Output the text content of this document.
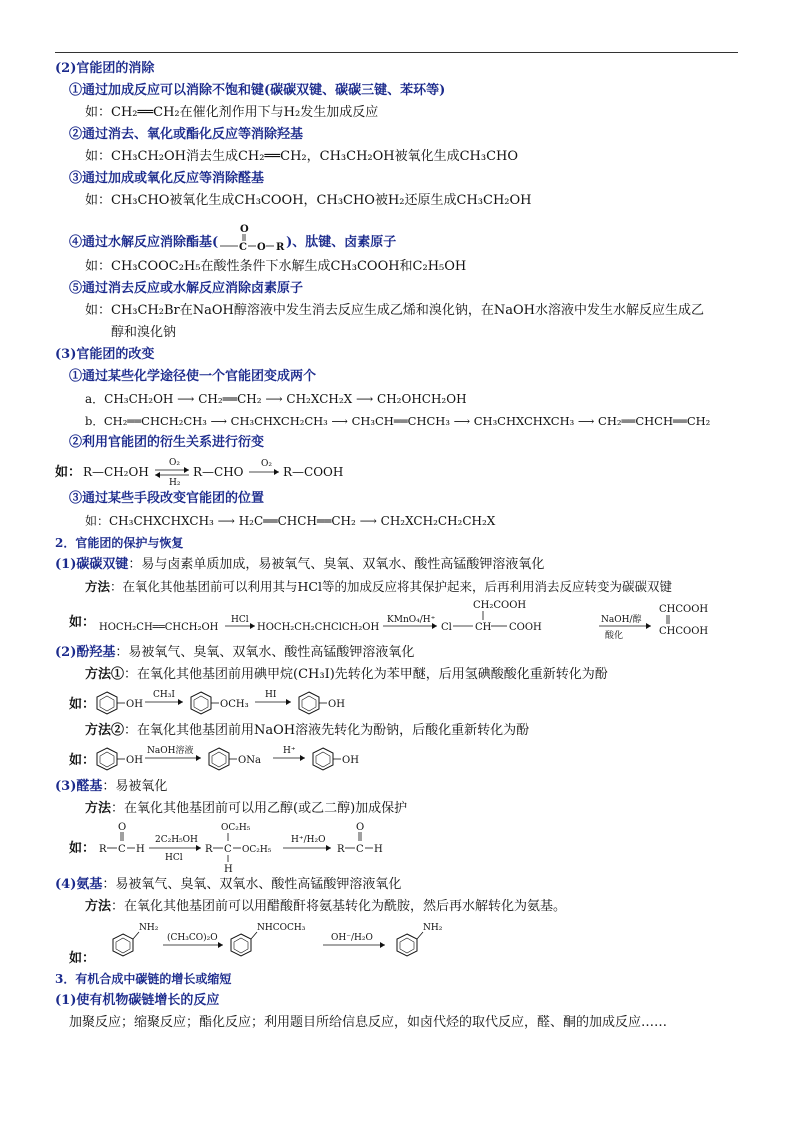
(2)官能团的消除
①通过加成反应可以消除不饱和键(碳碳双键、碳碳三键、苯环等)
如：CH₂══CH₂在催化剂作用下与H₂发生加成反应
②通过消去、氧化或酯化反应等消除羟基
如：CH₃CH₂OH消去生成CH₂══CH₂，CH₃CH₂OH被氧化生成CH₃CHO
③通过加成或氧化反应等消除醛基
如：CH₃CHO被氧化生成CH₃COOH，CH₃CHO被H₂还原生成CH₃CH₂OH
④通过水解反应消除酯基(
O
C O R )、肽键、卤素原子
如：CH₃COOC₂H₅在酸性条件下水解生成CH₃COOH和C₂H₅OH
⑤通过消去反应或水解反应消除卤素原子
如：CH₃CH₂Br在NaOH醇溶液中发生消去反应生成乙烯和溴化钠，在NaOH水溶液中发生水解反应生成乙
醇和溴化钠
(3)官能团的改变
①通过某些化学途径使一个官能团变成两个
a．CH₃CH₂OH ⟶ CH₂══CH₂ ⟶ CH₂XCH₂X ⟶ CH₂OHCH₂OH
b．CH₂══CHCH₂CH₃ ⟶ CH₃CHXCH₂CH₃ ⟶ CH₃CH══CHCH₃ ⟶ CH₃CHXCHXCH₃ ⟶ CH₂══CHCH══CH₂
②利用官能团的衍生关系进行衍变
如： R—CH₂OH
O₂
H₂
R—CHO
O₂
R—COOH
③通过某些手段改变官能团的位置
如：CH₃CHXCHXCH₃ ⟶ H₂C══CHCH══CH₂ ⟶ CH₂XCH₂CH₂CH₂X
2．官能团的保护与恢复
(1)碳碳双键：易与卤素单质加成，易被氧气、臭氧、双氧水、酸性高锰酸钾溶液氧化
方法：在氧化其他基团前可以利用其与HCl等的加成反应将其保护起来，后再利用消去反应转变为碳碳双键
如： HOCH₂CH══CHCH₂OH
HCl
HOCH₂CH₂CHClCH₂OH
KMnO₄/H⁺
CH₂COOH
Cl CH COOH
NaOH/醇
酸化
CHCOOH
CHCOOH
(2)酚羟基：易被氧气、臭氧、双氧水、酸性高锰酸钾溶液氧化
方法①：在氧化其他基团前用碘甲烷(CH₃I)先转化为苯甲醚，后用氢碘酸酸化重新转化为酚
如：	OH
CH₃I
OCH₃
HI
OH
方法②：在氧化其他基团前用NaOH溶液先转化为酚钠，后酸化重新转化为酚
如：	OH
NaOH溶液
ONa
H⁺
OH
(3)醛基：易被氧化
方法：在氧化其他基团前可以用乙醇(或乙二醇)加成保护
如： R
O
C H
2C₂H₅OH
HCl
R
OC₂H₅
C OC₂H₅
H
H⁺/H₂O
R
O
C H
(4)氨基：易被氧气、臭氧、双氧水、酸性高锰酸钾溶液氧化
方法：在氧化其他基团前可以用醋酸酐将氨基转化为酰胺，然后再水解转化为氨基。
如：
NH₂
(CH₃CO)₂O
NHCOCH₃
OH⁻/H₂O
NH₂
3．有机合成中碳链的增长或缩短
(1)使有机物碳链增长的反应
加聚反应；缩聚反应；酯化反应；利用题目所给信息反应，如卤代烃的取代反应，醛、酮的加成反应……
